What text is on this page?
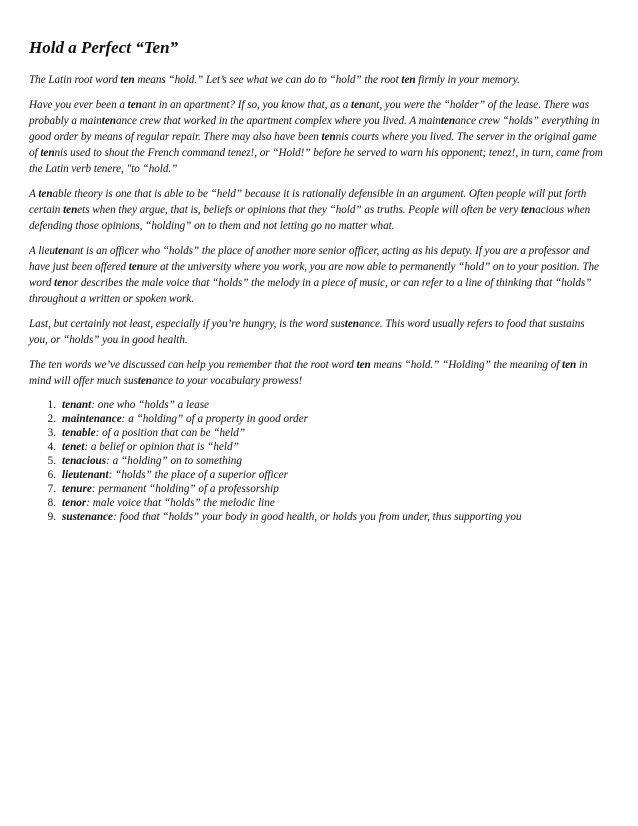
Hold a Perfect “Ten”

The Latin root word ten means “hold.” Let’s see what we can do to “hold” the root ten firmly in your memory.

Have you ever been a tenant in an apartment? If so, you know that, as a tenant, you were the “holder” of the lease. There was probably a maintenance crew that worked in the apartment complex where you lived. A maintenance crew “holds” everything in good order by means of regular repair. There may also have been tennis courts where you lived. The server in the original game of tennis used to shout the French command tenez!, or “Hold!” before he served to warn his opponent; tenez!, in turn, came from the Latin verb tenere, "to “hold.”

A tenable theory is one that is able to be “held” because it is rationally defensible in an argument. Often people will put forth certain tenets when they argue, that is, beliefs or opinions that they “hold” as truths. People will often be very tenacious when defending those opinions, “holding” on to them and not letting go no matter what.

A lieutenant is an officer who “holds” the place of another more senior officer, acting as his deputy. If you are a professor and have just been offered tenure at the university where you work, you are now able to permanently “hold” on to your position. The word tenor describes the male voice that “holds” the melody in a piece of music, or can refer to a line of thinking that “holds” throughout a written or spoken work.

Last, but certainly not least, especially if you’re hungry, is the word sustenance. This word usually refers to food that sustains you, or “holds” you in good health.

The ten words we’ve discussed can help you remember that the root word ten means “hold.” “Holding” the meaning of ten in mind will offer much sustenance to your vocabulary prowess!

1. tenant: one who “holds” a lease
2. maintenance: a “holding” of a property in good order
3. tenable: of a position that can be “held”
4. tenet: a belief or opinion that is “held”
5. tenacious: a “holding” on to something
6. lieutenant: “holds” the place of a superior officer
7. tenure: permanent “holding” of a professorship
8. tenor: male voice that “holds” the melodic line
9. sustenance: food that “holds” your body in good health, or holds you from under, thus supporting you
